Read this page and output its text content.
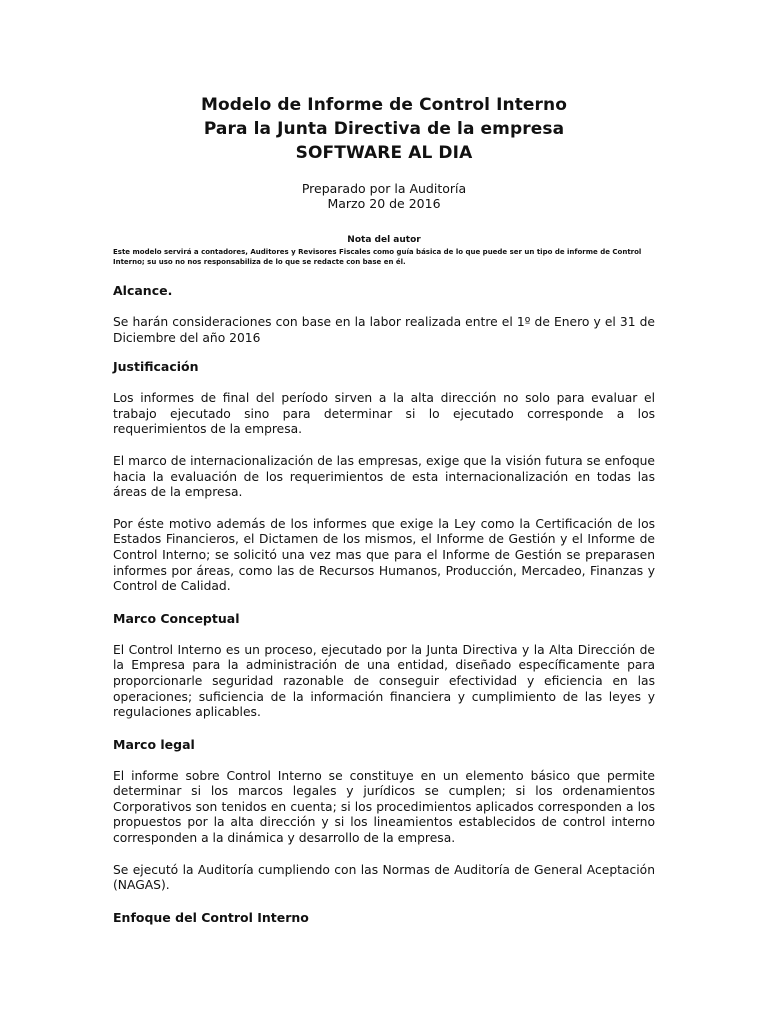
Modelo de Informe de Control Interno
Para la Junta Directiva de la empresa
SOFTWARE AL DIA
Preparado por la Auditoría
Marzo 20 de 2016
Nota del autor
Este modelo servirá a contadores, Auditores y Revisores Fiscales como guía básica de lo que puede ser un tipo de informe de Control Interno; su uso no nos responsabiliza de lo que se redacte con base en él.
Alcance.

Se harán consideraciones con base en la labor realizada entre el 1º de Enero y el 31 de Diciembre del año 2016

Justificación

Los informes de final del período sirven a la alta dirección no solo para evaluar el trabajo ejecutado sino para determinar si lo ejecutado corresponde a los requerimientos de la empresa.

El marco de internacionalización de las empresas, exige que la visión futura se enfoque hacia la evaluación de los requerimientos de esta internacionalización en todas las áreas de la empresa.

Por éste motivo además de los informes que exige la Ley como la Certificación de los Estados Financieros, el Dictamen de los mismos, el Informe de Gestión y el Informe de Control Interno; se solicitó una vez mas que para el Informe de Gestión se preparasen informes por áreas, como las de Recursos Humanos, Producción, Mercadeo, Finanzas y Control de Calidad.

Marco Conceptual

El Control Interno es un proceso, ejecutado por la Junta Directiva y la Alta Dirección de la Empresa para la administración de una entidad, diseñado específicamente para proporcionarle seguridad razonable de conseguir efectividad y eficiencia en las operaciones; suficiencia de la información financiera y cumplimiento de las leyes y regulaciones aplicables.

Marco legal

El informe sobre Control Interno se constituye en un elemento básico que permite determinar si los marcos legales y jurídicos se cumplen; si los ordenamientos Corporativos son tenidos en cuenta; si los procedimientos aplicados corresponden a los propuestos por la alta dirección y si los lineamientos establecidos de control interno corresponden a la dinámica y desarrollo de la empresa.

Se ejecutó la Auditoría cumpliendo con las Normas de Auditoría de General Aceptación (NAGAS).

Enfoque del Control Interno
